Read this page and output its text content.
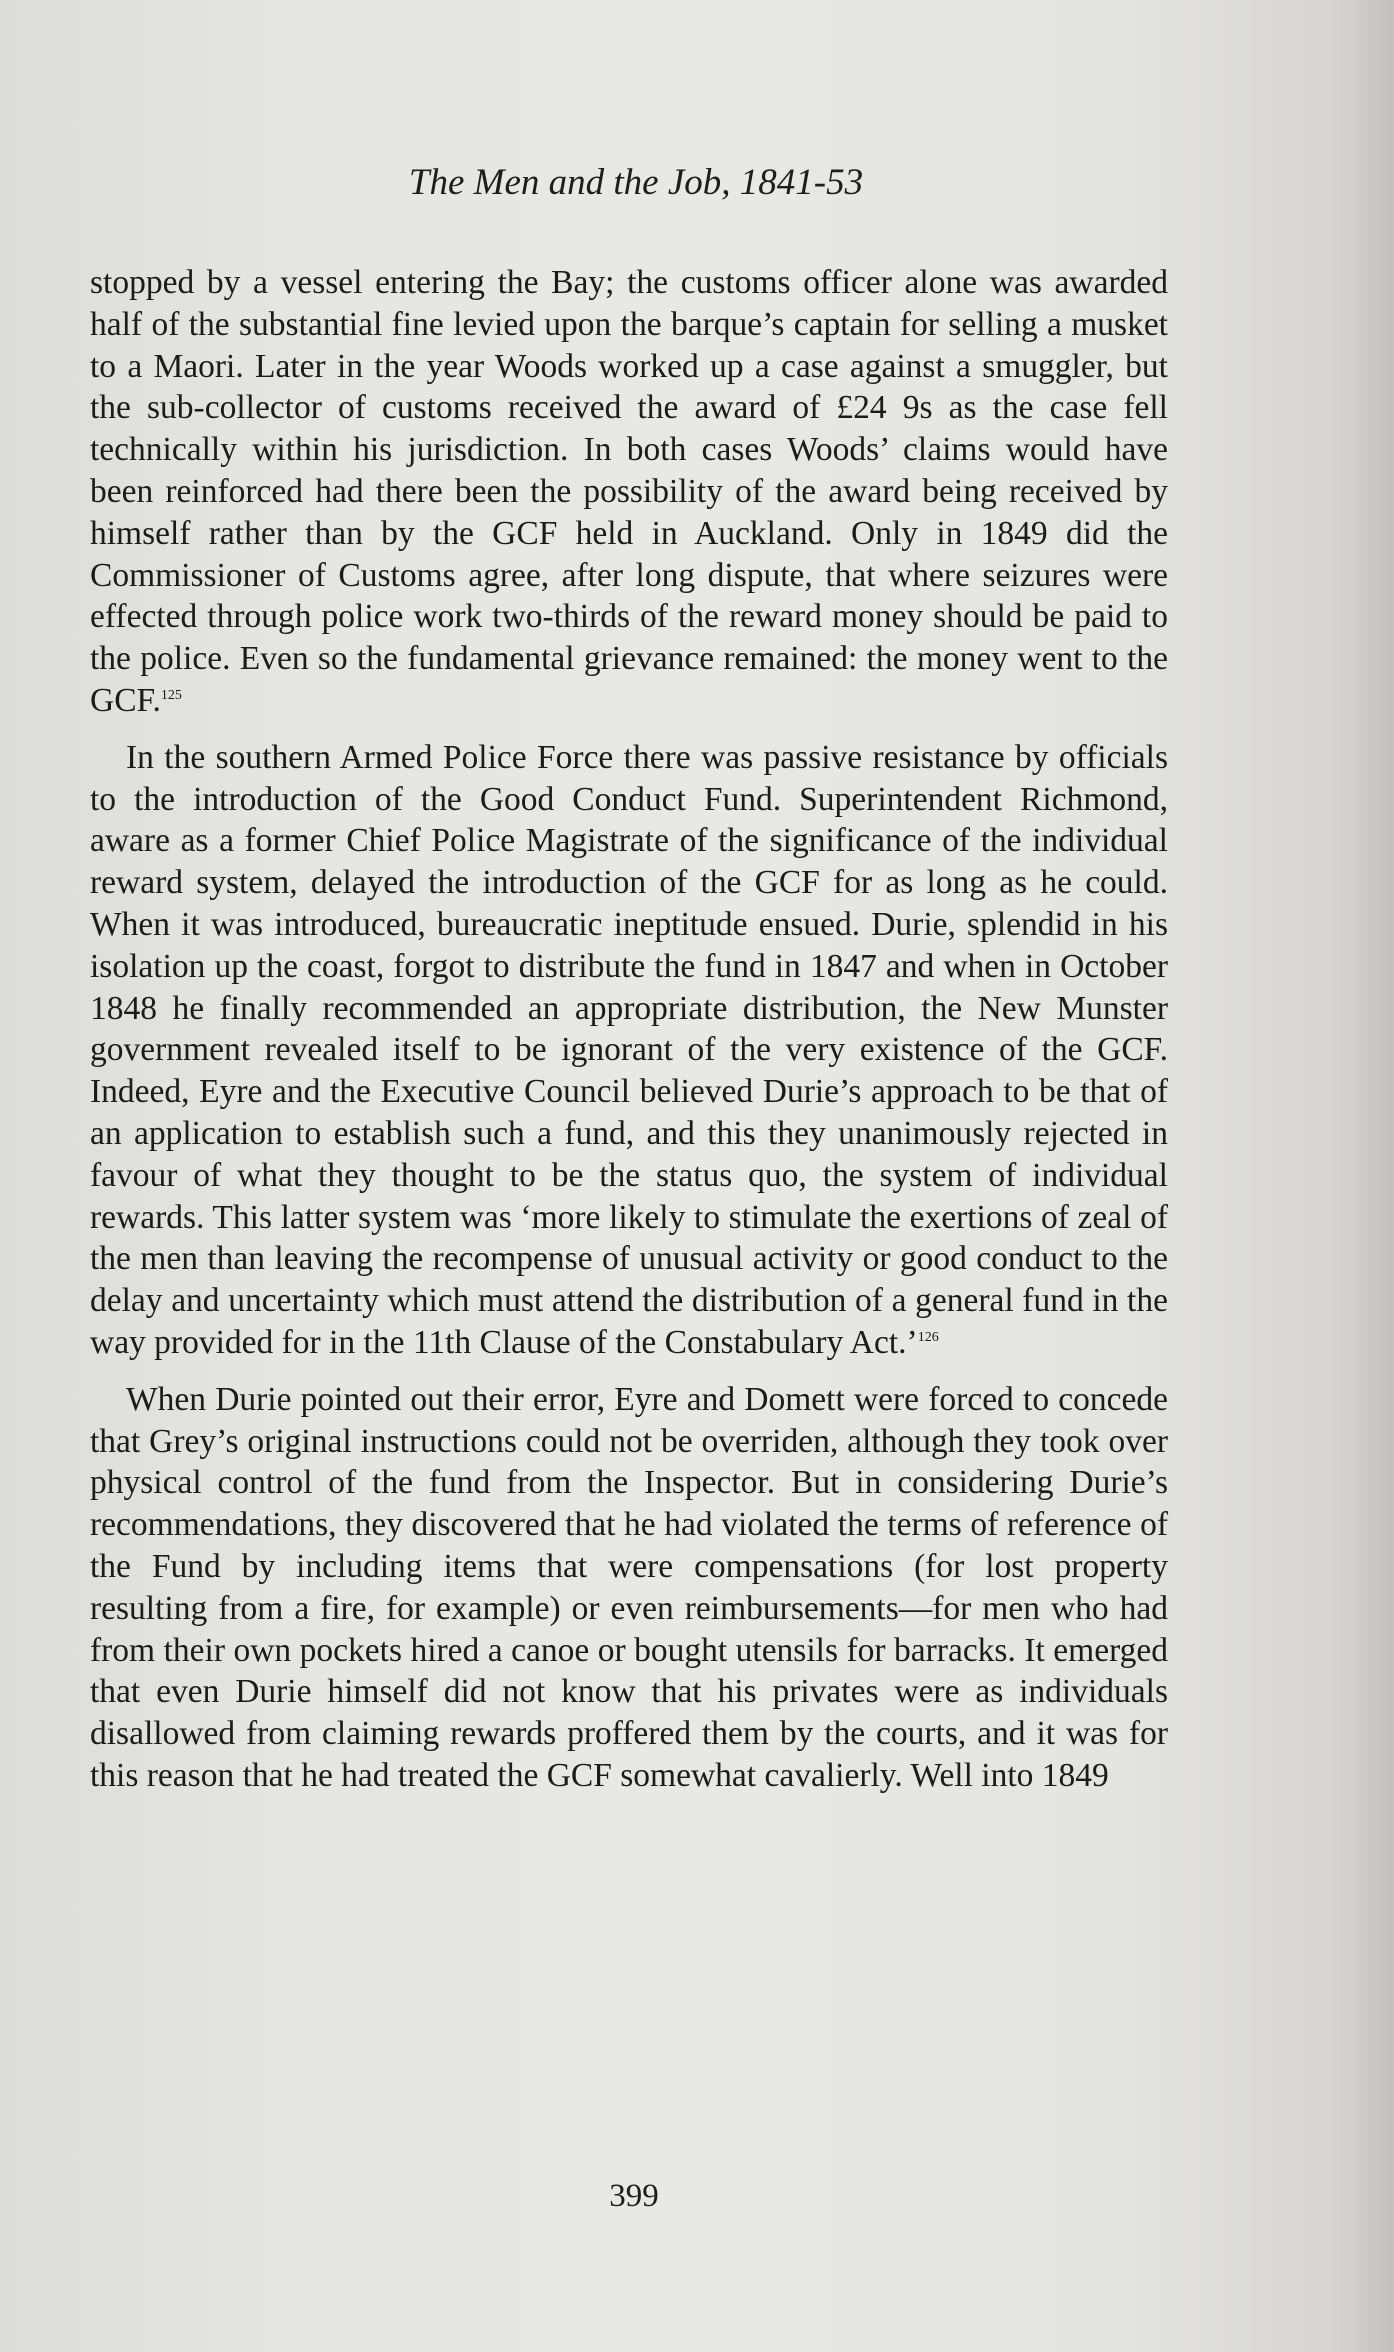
The Men and the Job, 1841-53

stopped by a vessel entering the Bay; the customs officer alone was awarded half of the substantial fine levied upon the barque’s captain for selling a musket to a Maori. Later in the year Woods worked up a case against a smuggler, but the sub-collector of customs received the award of £24 9s as the case fell technically within his jurisdiction. In both cases Woods’ claims would have been reinforced had there been the possibility of the award being received by himself rather than by the GCF held in Auckland. Only in 1849 did the Commissioner of Customs agree, after long dispute, that where seizures were effected through police work two-thirds of the reward money should be paid to the police. Even so the fundamental grievance remained: the money went to the GCF.$^{125}$

In the southern Armed Police Force there was passive resistance by officials to the introduction of the Good Conduct Fund. Superintendent Richmond, aware as a former Chief Police Magistrate of the significance of the individual reward system, delayed the introduction of the GCF for as long as he could. When it was introduced, bureaucratic ineptitude ensued. Durie, splendid in his isolation up the coast, forgot to distribute the fund in 1847 and when in October 1848 he finally recommended an appropriate distribution, the New Munster government revealed itself to be ignorant of the very existence of the GCF. Indeed, Eyre and the Executive Council believed Durie’s approach to be that of an application to establish such a fund, and this they unanimously rejected in favour of what they thought to be the status quo, the system of individual rewards. This latter system was ‘more likely to stimulate the exertions of zeal of the men than leaving the recompense of unusual activity or good conduct to the delay and uncertainty which must attend the distribution of a general fund in the way provided for in the 11th Clause of the Constabulary Act.’$^{126}$

When Durie pointed out their error, Eyre and Domett were forced to concede that Grey’s original instructions could not be overriden, although they took over physical control of the fund from the Inspector. But in considering Durie’s recommendations, they discovered that he had violated the terms of reference of the Fund by including items that were compensations (for lost property resulting from a fire, for example) or even reimbursements—for men who had from their own pockets hired a canoe or bought utensils for barracks. It emerged that even Durie himself did not know that his privates were as individuals disallowed from claiming rewards proffered them by the courts, and it was for this reason that he had treated the GCF somewhat cavalierly. Well into 1849

399
